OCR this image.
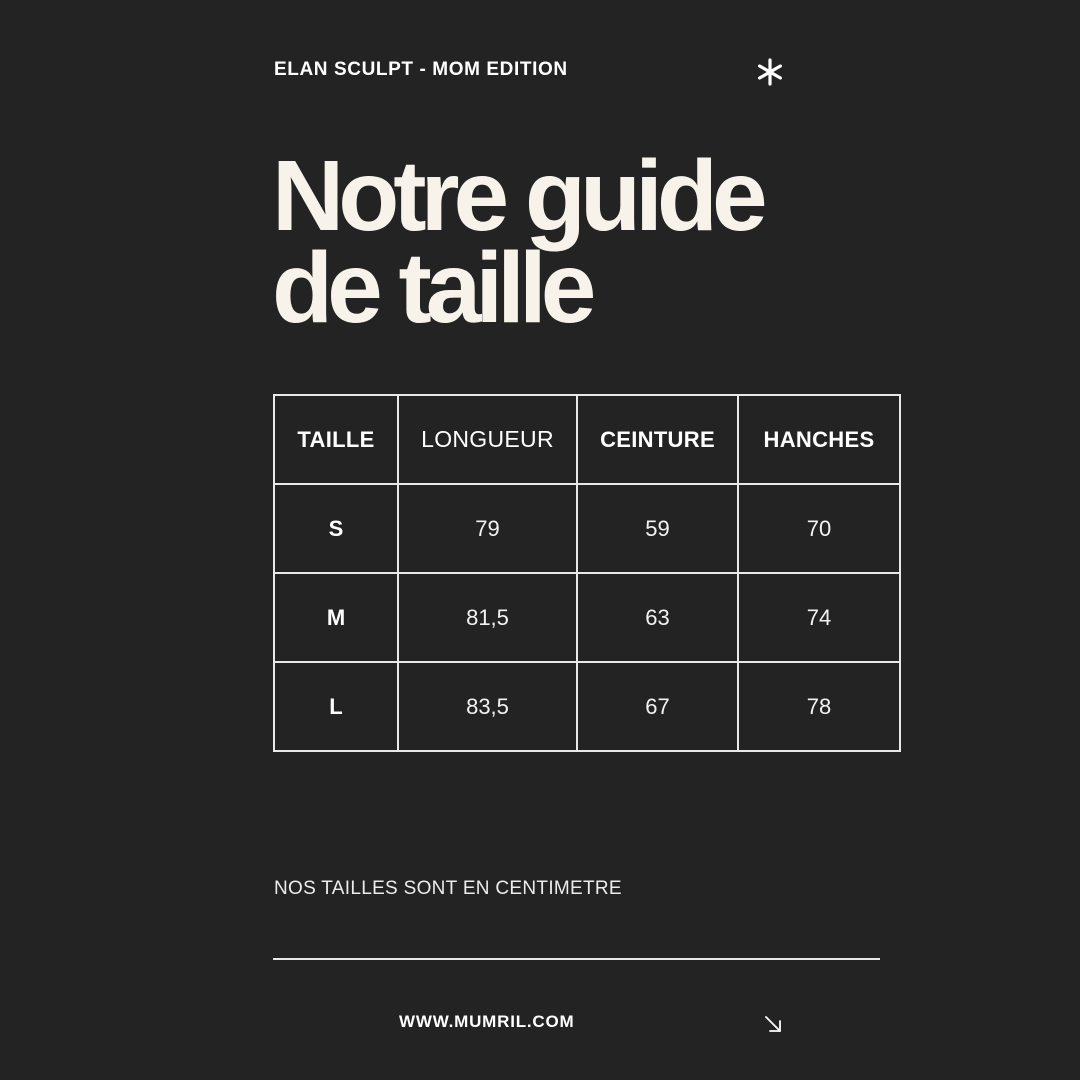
ELAN SCULPT - MOM EDITION
Notre guide
de taille
TAILLE	LONGUEUR	CEINTURE	HANCHES
S	79	59	70
M	81,5	63	74
L	83,5	67	78

NOS TAILLES SONT EN CENTIMETRE

WWW.MUMRIL.COM
